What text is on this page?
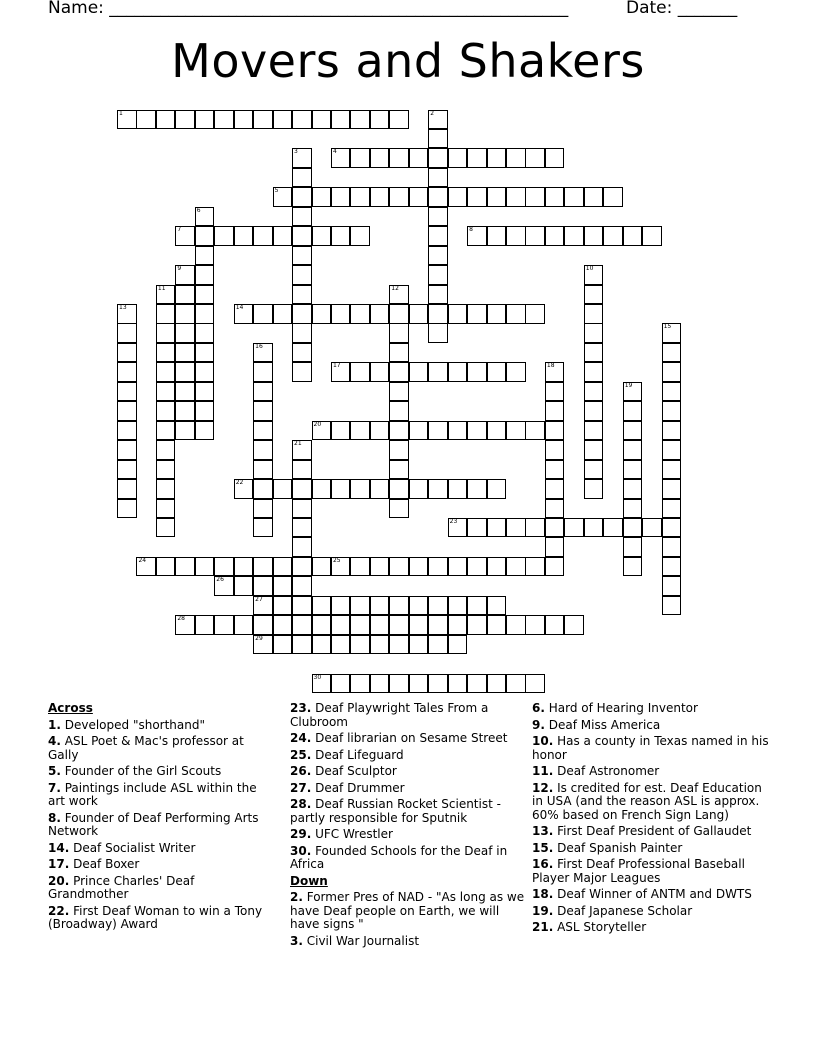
Name: ______________________________________________________	Date: _______
Movers and Shakers
1	2
3	4
5
6
7	8
9	10
11	12
13	14
15
16
17	18
19
20
21
22
23
24	25
26
27
28
29
30
Across
1. Developed "shorthand"
4. ASL Poet & Mac's professor at Gally
5. Founder of the Girl Scouts
7. Paintings include ASL within the art work
8. Founder of Deaf Performing Arts Network
14. Deaf Socialist Writer
17. Deaf Boxer
20. Prince Charles' Deaf Grandmother
22. First Deaf Woman to win a Tony (Broadway) Award
23. Deaf Playwright Tales From a Clubroom
24. Deaf librarian on Sesame Street
25. Deaf Lifeguard
26. Deaf Sculptor
27. Deaf Drummer
28. Deaf Russian Rocket Scientist - partly responsible for Sputnik
29. UFC Wrestler
30. Founded Schools for the Deaf in Africa
Down
2. Former Pres of NAD - "As long as we have Deaf people on Earth, we will have signs "
3. Civil War Journalist
6. Hard of Hearing Inventor
9. Deaf Miss America
10. Has a county in Texas named in his honor
11. Deaf Astronomer
12. Is credited for est. Deaf Education in USA (and the reason ASL is approx. 60% based on French Sign Lang)
13. First Deaf President of Gallaudet
15. Deaf Spanish Painter
16. First Deaf Professional Baseball Player Major Leagues
18. Deaf Winner of ANTM and DWTS
19. Deaf Japanese Scholar
21. ASL Storyteller
